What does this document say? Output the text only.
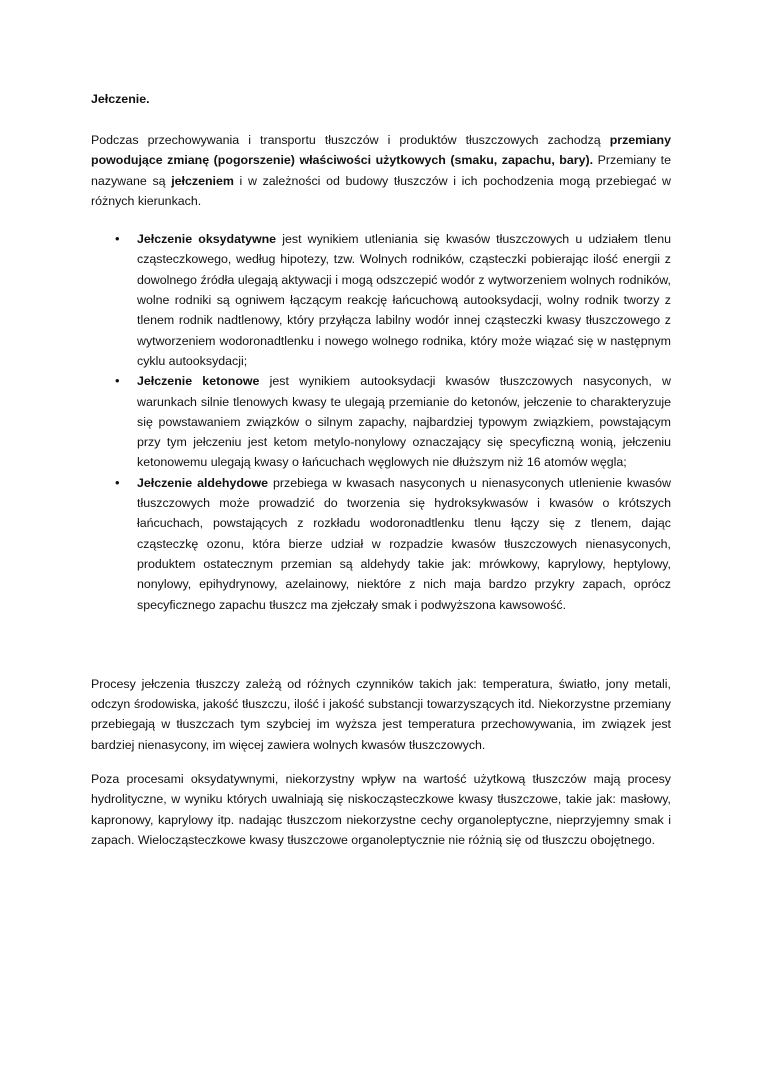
Jełczenie.

Podczas przechowywania i transportu tłuszczów i produktów tłuszczowych zachodzą przemiany powodujące zmianę (pogorszenie) właściwości użytkowych (smaku, zapachu, bary). Przemiany te nazywane są jełczeniem i w zależności od budowy tłuszczów i ich pochodzenia mogą przebiegać w różnych kierunkach.

• Jełczenie oksydatywne jest wynikiem utleniania się kwasów tłuszczowych u udziałem tlenu cząsteczkowego, według hipotezy, tzw. Wolnych rodników, cząsteczki pobierając ilość energii z dowolnego źródła ulegają aktywacji i mogą odszczepić wodór z wytworzeniem wolnych rodników, wolne rodniki są ogniwem łączącym reakcję łańcuchową autooksydacji, wolny rodnik tworzy z tlenem rodnik nadtlenowy, który przyłącza labilny wodór innej cząsteczki kwasy tłuszczowego z wytworzeniem wodoronadtlenku i nowego wolnego rodnika, który może wiązać się w następnym cyklu autooksydacji;
• Jełczenie ketonowe jest wynikiem autooksydacji kwasów tłuszczowych nasyconych, w warunkach silnie tlenowych kwasy te ulegają przemianie do ketonów, jełczenie to charakteryzuje się powstawaniem związków o silnym zapachy, najbardziej typowym związkiem, powstającym przy tym jełczeniu jest ketom metylo-nonylowy oznaczający się specyficzną wonią, jełczeniu ketonowemu ulegają kwasy o łańcuchach węglowych nie dłuższym niż 16 atomów węgla;
• Jełczenie aldehydowe przebiega w kwasach nasyconych u nienasyconych utlenienie kwasów tłuszczowych może prowadzić do tworzenia się hydroksykwasów i kwasów o krótszych łańcuchach, powstających z rozkładu wodoronadtlenku tlenu łączy się z tlenem, dając cząsteczkę ozonu, która bierze udział w rozpadzie kwasów tłuszczowych nienasyconych, produktem ostatecznym przemian są aldehydy takie jak: mrówkowy, kaprylowy, heptylowy, nonylowy, epihydrynowy, azelainowy, niektóre z nich maja bardzo przykry zapach, oprócz specyficznego zapachu tłuszcz ma zjełczały smak i podwyższona kawsowość.

Procesy jełczenia tłuszczy zależą od różnych czynników takich jak: temperatura, światło, jony metali, odczyn środowiska, jakość tłuszczu, ilość i jakość substancji towarzyszących itd. Niekorzystne przemiany przebiegają w tłuszczach tym szybciej im wyższa jest temperatura przechowywania, im związek jest bardziej nienasycony, im więcej zawiera wolnych kwasów tłuszczowych.

Poza procesami oksydatywnymi, niekorzystny wpływ na wartość użytkową tłuszczów mają procesy hydrolityczne, w wyniku których uwalniają się niskocząsteczkowe kwasy tłuszczowe, takie jak: masłowy, kapronowy, kaprylowy itp. nadając tłuszczom niekorzystne cechy organoleptyczne, nieprzyjemny smak i zapach. Wielocząsteczkowe kwasy tłuszczowe organoleptycznie nie różnią się od tłuszczu obojętnego.
